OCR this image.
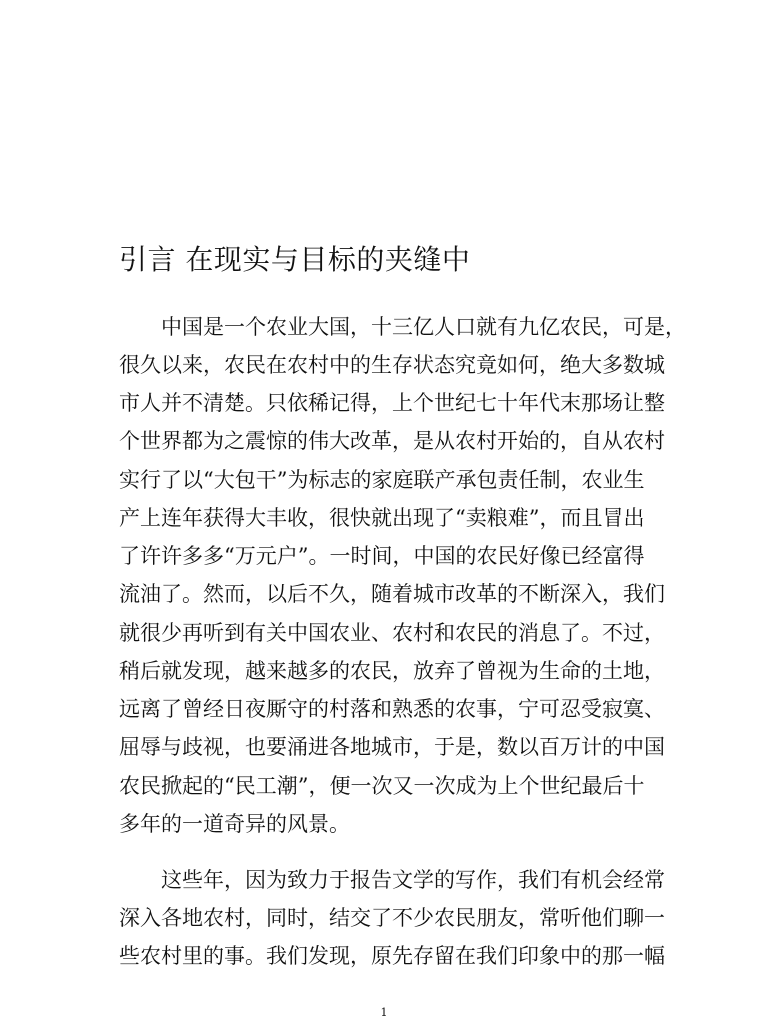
引言 在现实与目标的夹缝中
　　中国是一个农业大国，十三亿人口就有九亿农民，可是，
很久以来，农民在农村中的生存状态究竟如何，绝大多数城
市人并不清楚。只依稀记得，上个世纪七十年代末那场让整
个世界都为之震惊的伟大改革，是从农村开始的，自从农村
实行了以“大包干”为标志的家庭联产承包责任制，农业生
产上连年获得大丰收，很快就出现了“卖粮难”，而且冒出
了许许多多“万元户”。一时间，中国的农民好像已经富得
流油了。然而，以后不久，随着城市改革的不断深入，我们
就很少再听到有关中国农业、农村和农民的消息了。不过，
稍后就发现，越来越多的农民，放弃了曾视为生命的土地，
远离了曾经日夜厮守的村落和熟悉的农事，宁可忍受寂寞、
屈辱与歧视，也要涌进各地城市，于是，数以百万计的中国
农民掀起的“民工潮”，便一次又一次成为上个世纪最后十
多年的一道奇异的风景。
　　这些年，因为致力于报告文学的写作，我们有机会经常
深入各地农村，同时，结交了不少农民朋友，常听他们聊一
些农村里的事。我们发现，原先存留在我们印象中的那一幅
1
